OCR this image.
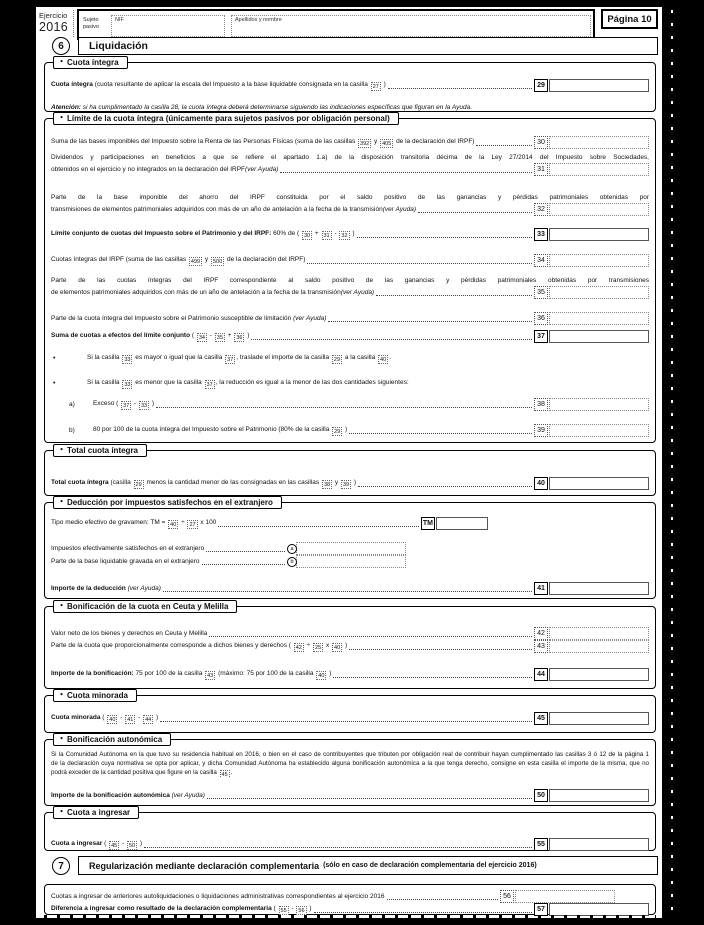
Ejercicio
2016	Sujeto
pasivo
NIF	Apellidos y nombre	Página 10
6	Liquidación
● Cuota íntegra
Cuota íntegra (cuota resultante de aplicar la escala del Impuesto a la base liquidable consignada en la casilla 27 )	29
Atención: si ha cumplimentado la casilla 28, la cuota íntegra deberá determinarse siguiendo las indicaciones específicas que figuran en la Ayuda.
● Límite de la cuota íntegra (únicamente para sujetos pasivos por obligación personal)
Suma de las bases imponibles del Impuesto sobre la Renta de las Personas Físicas (suma de las casillas 392 y 405 de la declaración del IRPF)	30
Dividendos y participaciones en beneficios a que se refiere el apartado 1.a) de la disposición transitoria décima de la Ley 27/2014 del Impuesto sobre Sociedades,
obtenidos en el ejercicio y no integrados en la declaración del IRPF (ver Ayuda)	31
Parte de la base imponible del ahorro del IRPF constituida por el saldo positivo de las ganancias y pérdidas patrimoniales obtenidas por
transmisiones de elementos patrimoniales adquiridos con más de un año de antelación a la fecha de la transmisión (ver Ayuda)	32
Límite conjunto de cuotas del Impuesto sobre el Patrimonio y del IRPF: 60% de ( 30 + 31 - 32 )	33
Cuotas íntegras del IRPF (suma de las casillas 499 y 500 de la declaración del IRPF)	34
Parte de las cuotas íntegras del IRPF correspondiente al saldo positivo de las ganancias y pérdidas patrimoniales obtenidas por transmisiones
de elementos patrimoniales adquiridos con más de un año de antelación a la fecha de la transmisión (ver Ayuda)	35
Parte de la cuota íntegra del Impuesto sobre el Patrimonio susceptible de limitación (ver Ayuda)	36
Suma de cuotas a efectos del límite conjunto ( 34 - 35 + 36 )	37
•	Si la casilla 33 es mayor o igual que la casilla 37 , traslade el importe de la casilla 29 a la casilla 40 .
•	Si la casilla 33 es menor que la casilla 37 , la reducción es igual a la menor de las dos cantidades siguientes:
a)	Exceso ( 37 - 33 )	38
b)	80 por 100 de la cuota íntegra del Impuesto sobre el Patrimonio (80% de la casilla 29 )	39
● Total cuota íntegra
Total cuota íntegra (casilla 29 menos la cantidad menor de las consignadas en las casillas 38 y 39 )	40
● Deducción por impuestos satisfechos en el extranjero
Tipo medio efectivo de gravamen: TM = 40 ÷ 27 x 100	TM
Impuestos efectivamente satisfechos en el extranjero	a
Parte de la base liquidable gravada en el extranjero	b
Importe de la deducción (ver Ayuda)	41
● Bonificación de la cuota en Ceuta y Melilla
Valor neto de los bienes y derechos en Ceuta y Melilla	42
Parte de la cuota que proporcionalmente corresponde a dichos bienes y derechos ( 42 ÷ 25 x 40 )	43
Importe de la bonificación: 75 por 100 de la casilla 43 (máximo: 75 por 100 de la casilla 40 )	44
● Cuota minorada
Cuota minorada ( 40 - 41 - 44 )	45
● Bonificación autonómica
Si la Comunidad Autónoma en la que tuvo su residencia habitual en 2016, o bien en el caso de contribuyentes que tributen por obligación real de contribuir hayan cumplimentado las casillas 3 ó 12 de la página 1
de la declaración cuya normativa se opta por aplicar, y dicha Comunidad Autónoma ha establecido alguna bonificación autonómica a la que tenga derecho, consigne en esta casilla el importe de la misma, que no
podrá exceder de la cantidad positiva que figure en la casilla 45 .
Importe de la bonificación autonómica (ver Ayuda)	50
● Cuota a ingresar
Cuota a ingresar ( 45 - 50 )	55
7	Regularización mediante declaración complementaria (sólo en caso de declaración complementaria del ejercicio 2016)
Cuotas a ingresar de anteriores autoliquidaciones o liquidaciones administrativas correspondientes al ejercicio 2016	56
Diferencia a ingresar como resultado de la declaración complementaria ( 55 - 56 )	57
